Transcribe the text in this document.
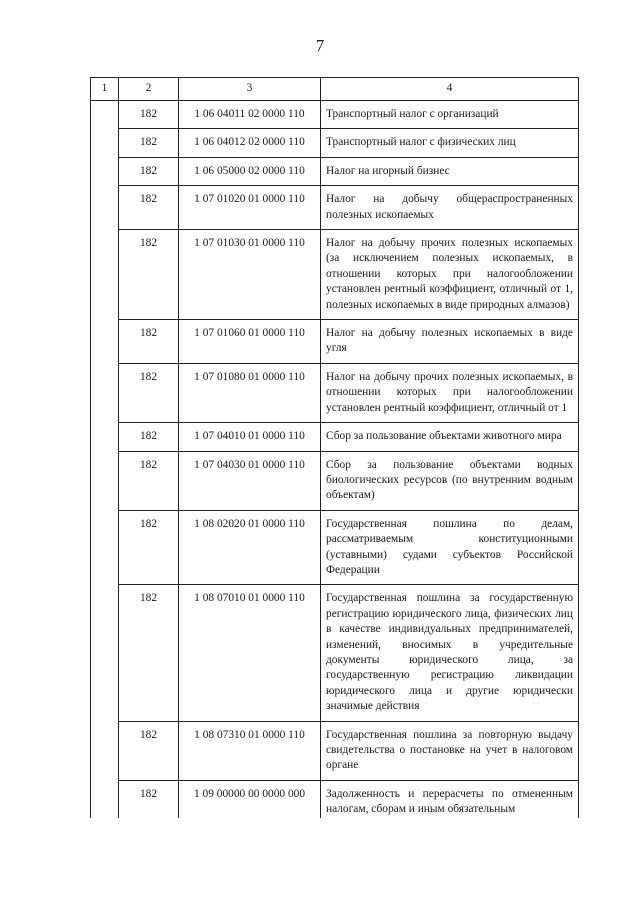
7
1	2	3	4
	182	1 06 04011 02 0000 110	Транспортный налог с организаций
	182	1 06 04012 02 0000 110	Транспортный налог с физических лиц
	182	1 06 05000 02 0000 110	Налог на игорный бизнес
	182	1 07 01020 01 0000 110	Налог на добычу общераспространенных полезных ископаемых
	182	1 07 01030 01 0000 110	Налог на добычу прочих полезных ископаемых (за исключением полезных ископаемых, в отношении которых при налогообложении установлен рентный коэффициент, отличный от 1, полезных ископаемых в виде природных алмазов)
	182	1 07 01060 01 0000 110	Налог на добычу полезных ископаемых в виде угля
	182	1 07 01080 01 0000 110	Налог на добычу прочих полезных ископаемых, в отношении которых при налогообложении установлен рентный коэффициент, отличный от 1
	182	1 07 04010 01 0000 110	Сбор за пользование объектами животного мира
	182	1 07 04030 01 0000 110	Сбор за пользование объектами водных биологических ресурсов (по внутренним водным объектам)
	182	1 08 02020 01 0000 110	Государственная пошлина по делам, рассматриваемым конституционными (уставными) судами субъектов Российской Федерации
	182	1 08 07010 01 0000 110	Государственная пошлина за государственную регистрацию юридического лица, физических лиц в качестве индивидуальных предпринимателей, изменений, вносимых в учредительные документы юридического лица, за государственную регистрацию ликвидации юридического лица и другие юридически значимые действия
	182	1 08 07310 01 0000 110	Государственная пошлина за повторную выдачу свидетельства о постановке на учет в налоговом органе
	182	1 09 00000 00 0000 000	Задолженность и перерасчеты по отмененным налогам, сборам и иным обязательным
